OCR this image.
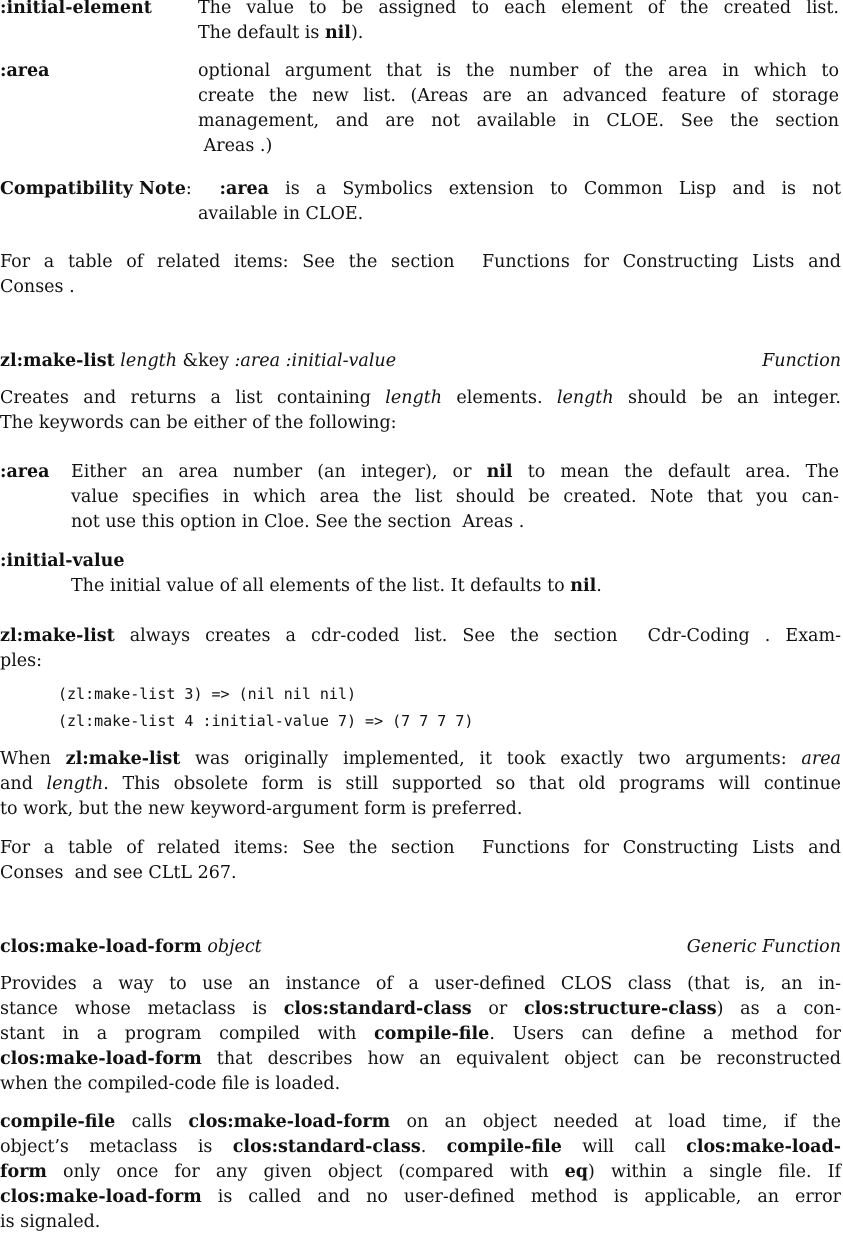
:initial-element	The value to be assigned to each element of the created list.
The default is nil).
:area	optional argument that is the number of the area in which to
create the new list. (Areas are an advanced feature of storage
management, and are not available in CLOE. See the section
Areas .)
Compatibility Note:	:area is a Symbolics extension to Common Lisp and is not
available in CLOE.
For a table of related items: See the section  Functions for Constructing Lists and
Conses .
zl:make-list length &key :area :initial-value	Function
Creates and returns a list containing length elements. length should be an integer.
The keywords can be either of the following:
:area Either an area number (an integer), or nil to mean the default area. The
value specifies in which area the list should be created. Note that you can-
not use this option in Cloe. See the section  Areas .
:initial-value
The initial value of all elements of the list. It defaults to nil.
zl:make-list always creates a cdr-coded list. See the section  Cdr-Coding . Exam-
ples:
(zl:make-list 3) => (nil nil nil)
(zl:make-list 4 :initial-value 7) => (7 7 7 7)
When zl:make-list was originally implemented, it took exactly two arguments: area
and length. This obsolete form is still supported so that old programs will continue
to work, but the new keyword-argument form is preferred.
For a table of related items: See the section  Functions for Constructing Lists and
Conses  and see CLtL 267.
clos:make-load-form object	Generic Function
Provides a way to use an instance of a user-defined CLOS class (that is, an in-
stance whose metaclass is clos:standard-class or clos:structure-class) as a con-
stant in a program compiled with compile-file. Users can define a method for
clos:make-load-form that describes how an equivalent object can be reconstructed
when the compiled-code file is loaded.
compile-file calls clos:make-load-form on an object needed at load time, if the
object’s metaclass is clos:standard-class. compile-file will call clos:make-load-
form only once for any given object (compared with eq) within a single file. If
clos:make-load-form is called and no user-defined method is applicable, an error
is signaled.
